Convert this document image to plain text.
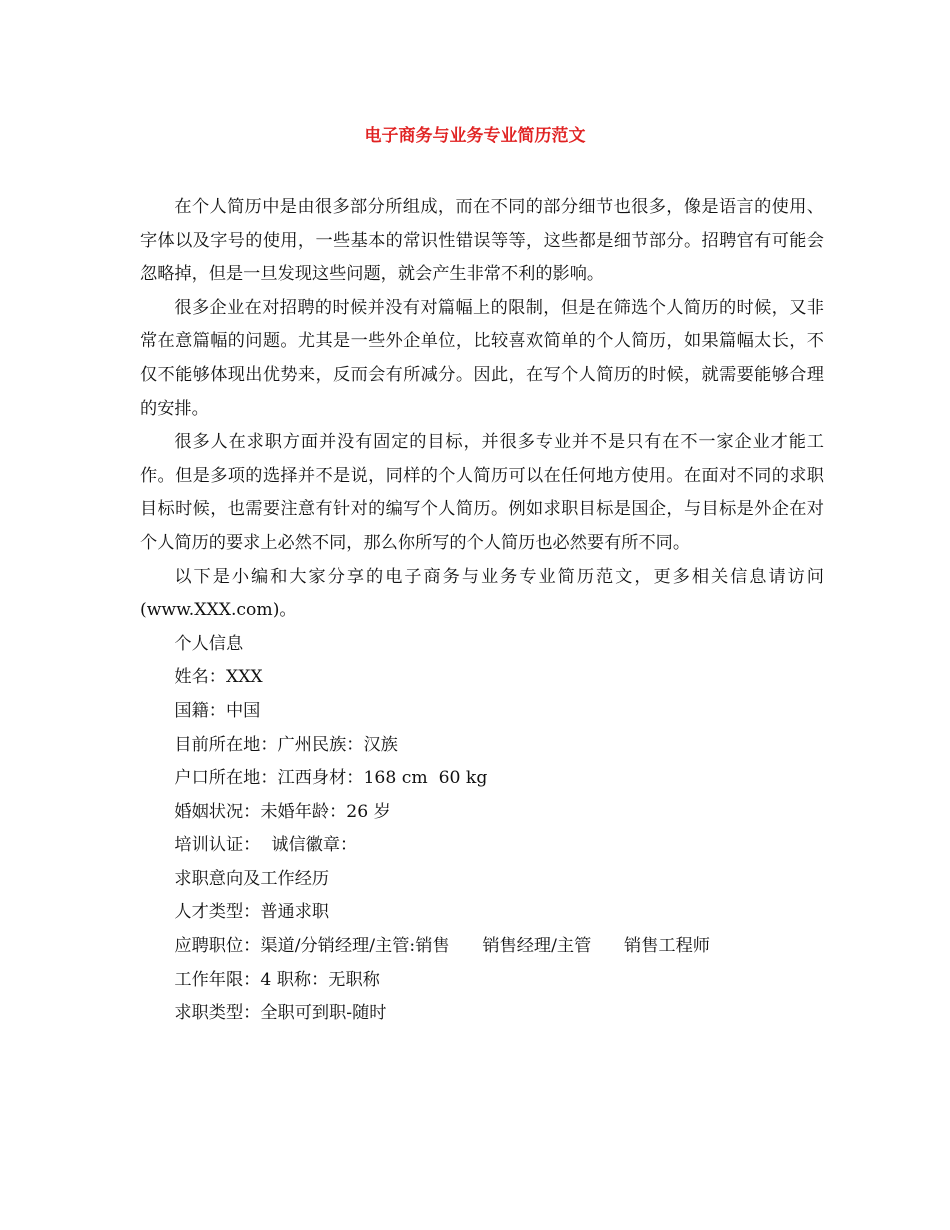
电子商务与业务专业简历范文

在个人简历中是由很多部分所组成，而在不同的部分细节也很多，像是语言的使用、字体以及字号的使用，一些基本的常识性错误等等，这些都是细节部分。招聘官有可能会忽略掉，但是一旦发现这些问题，就会产生非常不利的影响。

很多企业在对招聘的时候并没有对篇幅上的限制，但是在筛选个人简历的时候，又非常在意篇幅的问题。尤其是一些外企单位，比较喜欢简单的个人简历，如果篇幅太长，不仅不能够体现出优势来，反而会有所减分。因此，在写个人简历的时候，就需要能够合理的安排。

很多人在求职方面并没有固定的目标，并很多专业并不是只有在不一家企业才能工作。但是多项的选择并不是说，同样的个人简历可以在任何地方使用。在面对不同的求职目标时候，也需要注意有针对的编写个人简历。例如求职目标是国企，与目标是外企在对个人简历的要求上必然不同，那么你所写的个人简历也必然要有所不同。

以下是小编和大家分享的电子商务与业务专业简历范文，更多相关信息请访问(www.XXX.com)。

个人信息
姓名：XXX
国籍：中国
目前所在地：广州民族：汉族
户口所在地：江西身材：168 cm  60 kg
婚姻状况：未婚年龄：26 岁
培训认证：  诚信徽章：
求职意向及工作经历
人才类型：普通求职
应聘职位：渠道/分销经理/主管:销售      销售经理/主管      销售工程师
工作年限：4 职称：无职称
求职类型：全职可到职-随时
